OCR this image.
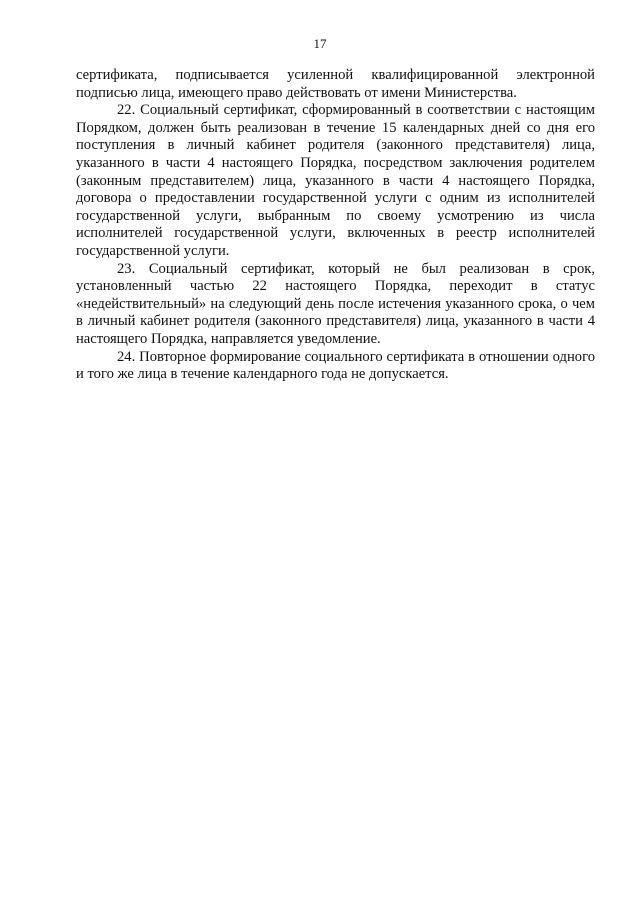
17

сертификата, подписывается усиленной квалифицированной электронной подписью лица, имеющего право действовать от имени Министерства.

22. Социальный сертификат, сформированный в соответствии с настоящим Порядком, должен быть реализован в течение 15 календарных дней со дня его поступления в личный кабинет родителя (законного представителя) лица, указанного в части 4 настоящего Порядка, посредством заключения родителем (законным представителем) лица, указанного в части 4 настоящего Порядка, договора о предоставлении государственной услуги с одним из исполнителей государственной услуги, выбранным по своему усмотрению из числа исполнителей государственной услуги, включенных в реестр исполнителей государственной услуги.

23. Социальный сертификат, который не был реализован в срок, установленный частью 22 настоящего Порядка, переходит в статус «недействительный» на следующий день после истечения указанного срока, о чем в личный кабинет родителя (законного представителя) лица, указанного в части 4 настоящего Порядка, направляется уведомление.

24. Повторное формирование социального сертификата в отношении одного и того же лица в течение календарного года не допускается.
